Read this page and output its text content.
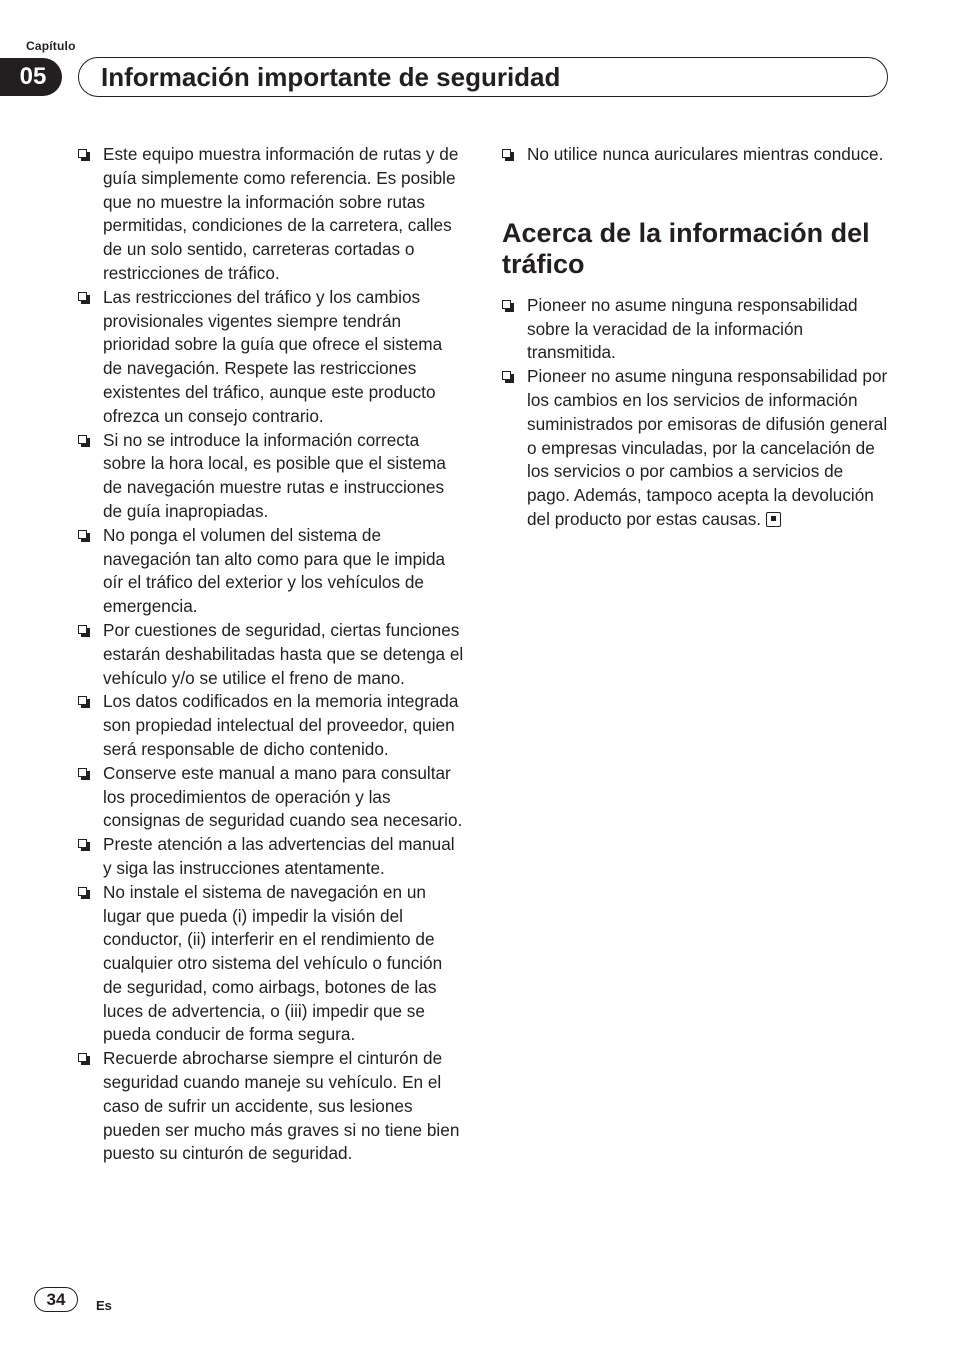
Capítulo
05	Información importante de seguridad
Este equipo muestra información de rutas y de guía simplemente como referencia. Es posible que no muestre la información sobre rutas permitidas, condiciones de la carretera, calles de un solo sentido, carreteras cortadas o restricciones de tráfico.
Las restricciones del tráfico y los cambios provisionales vigentes siempre tendrán prioridad sobre la guía que ofrece el sistema de navegación. Respete las restricciones existentes del tráfico, aunque este producto ofrezca un consejo contrario.
Si no se introduce la información correcta sobre la hora local, es posible que el sistema de navegación muestre rutas e instrucciones de guía inapropiadas.
No ponga el volumen del sistema de navegación tan alto como para que le impida oír el tráfico del exterior y los vehículos de emergencia.
Por cuestiones de seguridad, ciertas funciones estarán deshabilitadas hasta que se detenga el vehículo y/o se utilice el freno de mano.
Los datos codificados en la memoria integrada son propiedad intelectual del proveedor, quien será responsable de dicho contenido.
Conserve este manual a mano para consultar los procedimientos de operación y las consignas de seguridad cuando sea necesario.
Preste atención a las advertencias del manual y siga las instrucciones atentamente.
No instale el sistema de navegación en un lugar que pueda (i) impedir la visión del conductor, (ii) interferir en el rendimiento de cualquier otro sistema del vehículo o función de seguridad, como airbags, botones de las luces de advertencia, o (iii) impedir que se pueda conducir de forma segura.
Recuerde abrocharse siempre el cinturón de seguridad cuando maneje su vehículo. En el caso de sufrir un accidente, sus lesiones pueden ser mucho más graves si no tiene bien puesto su cinturón de seguridad.
No utilice nunca auriculares mientras conduce.
Acerca de la información del tráfico
Pioneer no asume ninguna responsabilidad sobre la veracidad de la información transmitida.
Pioneer no asume ninguna responsabilidad por los cambios en los servicios de información suministrados por emisoras de difusión general o empresas vinculadas, por la cancelación de los servicios o por cambios a servicios de pago. Además, tampoco acepta la devolución del producto por estas causas.
34	Es
